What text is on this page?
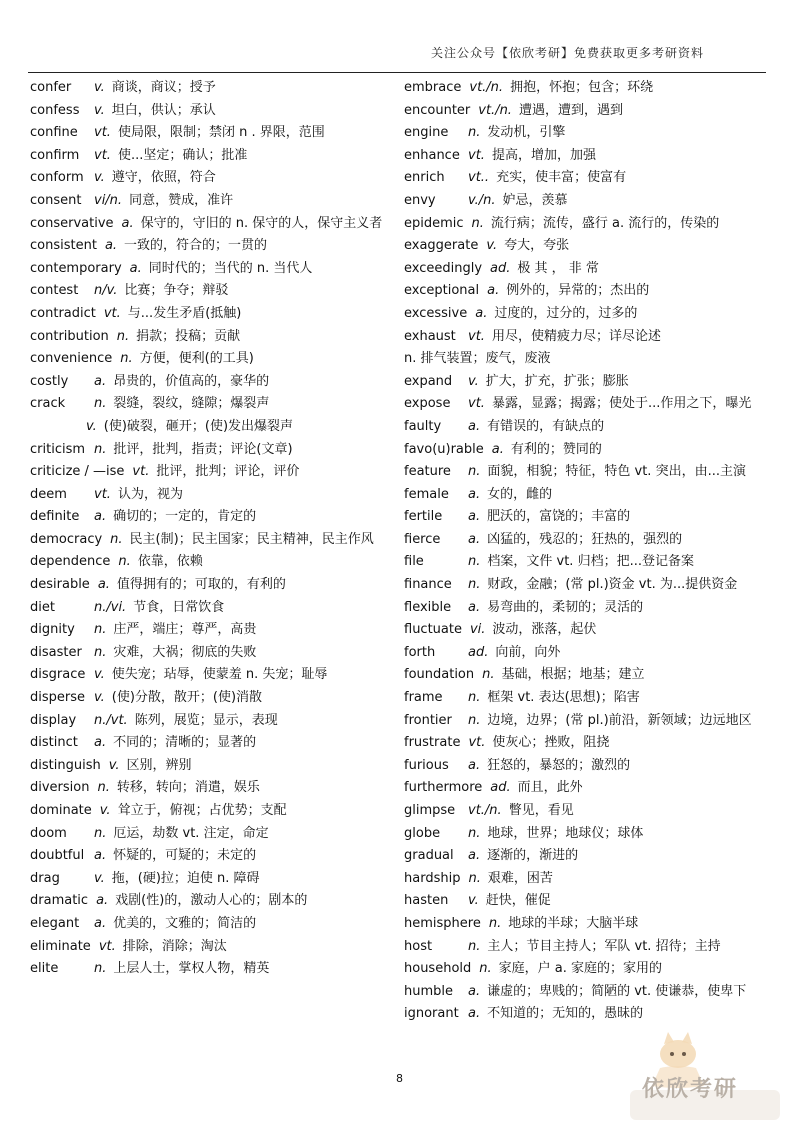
关注公众号【依欣考研】免费获取更多考研资料
confer v. 商谈，商议；授予
confess v. 坦白，供认；承认
confine vt. 使局限，限制；禁闭 n . 界限，范围
confirm vt. 使...坚定；确认；批准
conform v. 遵守，依照，符合
consent vi/n. 同意，赞成，准许
conservative a. 保守的，守旧的 n. 保守的人，保守主义者
consistent a. 一致的，符合的；一贯的
contemporary a. 同时代的；当代的 n. 当代人
contest n/v. 比赛；争夺；辩驳
contradict vt. 与...发生矛盾(抵触)
contribution n. 捐款；投稿；贡献
convenience n. 方便，便利(的工具)
costly a. 昂贵的，价值高的，豪华的
crack n. 裂缝，裂纹，缝隙；爆裂声
v. (使)破裂，砸开；(使)发出爆裂声
criticism n. 批评，批判，指责；评论(文章)
criticize / —ise vt. 批评，批判；评论，评价
deem vt. 认为，视为
definite a. 确切的；一定的，肯定的
democracy n. 民主(制)；民主国家；民主精神，民主作风
dependence n. 依靠，依赖
desirable a. 值得拥有的；可取的，有利的
diet	n./vi. 节食，日常饮食
dignity n. 庄严，端庄；尊严，高贵
disaster n. 灾难，大祸；彻底的失败
disgrace v. 使失宠；玷辱，使蒙羞 n. 失宠；耻辱
disperse v. (使)分散，散开；(使)消散
display n./vt. 陈列，展览；显示，表现
distinct a. 不同的；清晰的；显著的
distinguish v. 区别，辨别
diversion n. 转移，转向；消遣，娱乐
dominate v. 耸立于，俯视；占优势；支配
doom n. 厄运，劫数 vt. 注定，命定
doubtful a. 怀疑的，可疑的；未定的
drag	v. 拖，(硬)拉；迫使 n. 障碍
dramatic a. 戏剧(性)的，激动人心的；剧本的
elegant a. 优美的，文雅的；简洁的
eliminate vt. 排除，消除；淘汰
elite	n. 上层人士，掌权人物，精英
embrace vt./n. 拥抱，怀抱；包含；环绕
encounter vt./n. 遭遇，遭到，遇到
engine n. 发动机，引擎
enhance vt. 提高，增加，加强
enrich vt.. 充实，使丰富；使富有
envy v./n. 妒忌，羡慕
epidemic n. 流行病；流传，盛行 a. 流行的，传染的
exaggerate v. 夸大，夸张
exceedingly ad. 极 其 ， 非 常
exceptional a. 例外的，异常的；杰出的
excessive a. 过度的，过分的，过多的
exhaust vt. 用尽，使精疲力尽；详尽论述
n. 排气装置；废气，废液
expand v. 扩大，扩充，扩张；膨胀
expose vt. 暴露，显露；揭露；使处于...作用之下，曝光
faulty a. 有错误的，有缺点的
favo(u)rable a. 有利的；赞同的
feature n. 面貌，相貌；特征，特色 vt. 突出，由...主演
female a. 女的，雌的
fertile a. 肥沃的，富饶的；丰富的
fierce a. 凶猛的，残忍的；狂热的，强烈的
file	n. 档案，文件 vt. 归档；把...登记备案
finance n. 财政，金融；(常 pl.)资金 vt. 为...提供资金
flexible a. 易弯曲的，柔韧的；灵活的
fluctuate vi. 波动，涨落，起伏
forth	ad. 向前，向外
foundation n. 基础，根据；地基；建立
frame n. 框架 vt. 表达(思想)；陷害
frontier n. 边境，边界；(常 pl.)前沿，新领域；边远地区
frustrate vt. 使灰心；挫败，阻挠
furious a. 狂怒的，暴怒的；激烈的
furthermore ad. 而且，此外
glimpse vt./n. 瞥见，看见
globe n. 地球，世界；地球仪；球体
gradual a. 逐渐的，渐进的
hardship n. 艰难，困苦
hasten v. 赶快，催促
hemisphere n. 地球的半球；大脑半球
host	n. 主人；节目主持人；军队 vt. 招待；主持
household n. 家庭，户 a. 家庭的；家用的
humble a. 谦虚的；卑贱的；简陋的 vt. 使谦恭，使卑下
ignorant a. 不知道的；无知的，愚昧的
8	依欣考研
